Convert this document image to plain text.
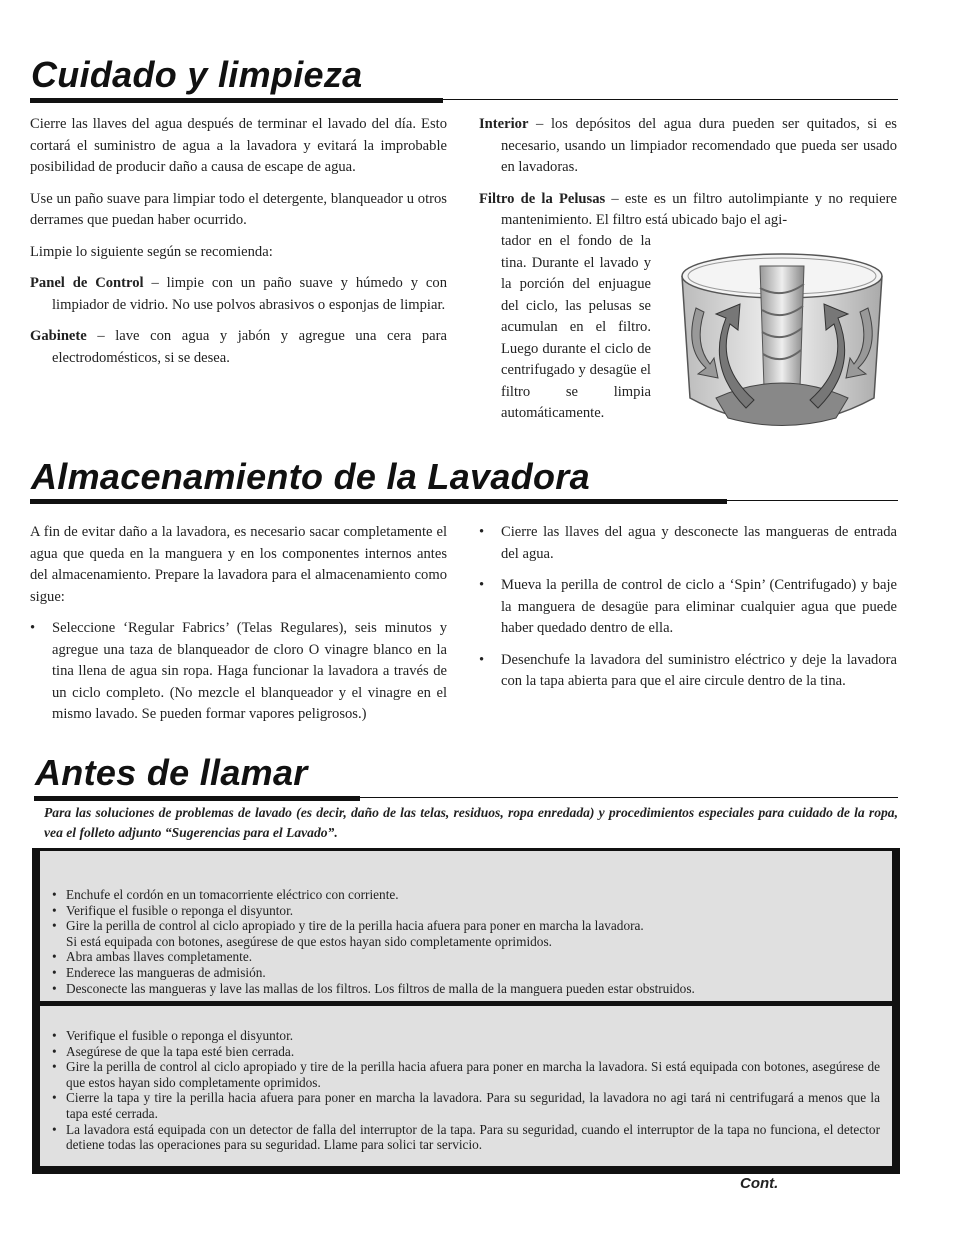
Cuidado y limpieza

Cierre las llaves del agua después de terminar el lavado del día. Esto cortará el suministro de agua a la lavadora y evitará la improbable posibilidad de producir daño a causa de escape de agua.

Use un paño suave para limpiar todo el detergente, blanqueador u otros derrames que puedan haber ocurrido.

Limpie lo siguiente según se recomienda:

Panel de Control – limpie con un paño suave y húmedo y con limpiador de vidrio. No use polvos abrasivos o esponjas de limpiar.

Gabinete – lave con agua y jabón y agregue una cera para electrodomésticos, si se desea.

Interior – los depósitos del agua dura pueden ser quitados, si es necesario, usando un limpiador recomendado que pueda ser usado en lavadoras.

Filtro de la Pelusas – este es un filtro autolimpiante y no requiere mantenimiento. El filtro está ubicado bajo el agi-

tador en el fondo de la tina. Durante el lavado y la porción del enjuague del ciclo, las pelusas se acumulan en el filtro. Luego durante el ciclo de centrifugado y desagüe el filtro se limpia automáticamente.
Almacenamiento de la Lavadora

A fin de evitar daño a la lavadora, es necesario sacar completamente el agua que queda en la manguera y en los componentes internos antes del almacenamiento. Prepare la lavadora para el almacenamiento como sigue:

• Seleccione ‘Regular Fabrics’ (Telas Regulares), seis minutos y agregue una taza de blanqueador de cloro O vinagre blanco en la tina llena de agua sin ropa. Haga funcionar la lavadora a través de un ciclo completo. (No mezcle el blanqueador y el vinagre en el mismo lavado. Se pueden formar vapores peligrosos.)
• Cierre las llaves del agua y desconecte las mangueras de entrada del agua.
• Mueva la perilla de control de ciclo a ‘Spin’ (Centrifugado) y baje la manguera de desagüe para eliminar cualquier agua que puede haber quedado dentro de ella.
• Desenchufe la lavadora del suministro eléctrico y deje la lavadora con la tapa abierta para que el aire circule dentro de la tina.
Antes de llamar
Para las soluciones de problemas de lavado (es decir, daño de las telas, residuos, ropa enredada) y procedimientos especiales para cuidado de la ropa, vea el folleto adjunto “Sugerencias para el Lavado”.
• Enchufe el cordón en un tomacorriente eléctrico con corriente.
• Verifique el fusible o reponga el disyuntor.
• Gire la perilla de control al ciclo apropiado y tire de la perilla hacia afuera para poner en marcha la lavadora.
Si está equipada con botones, asegúrese de que estos hayan sido completamente oprimidos.
• Abra ambas llaves completamente.
• Enderece las mangueras de admisión.
• Desconecte las mangueras y lave las mallas de los filtros. Los filtros de malla de la manguera pueden estar obstruidos.
• Verifique el fusible o reponga el disyuntor.
• Asegúrese de que la tapa esté bien cerrada.
• Gire la perilla de control al ciclo apropiado y tire de la perilla hacia afuera para poner en marcha la lavadora. Si está equipada con botones, asegúrese de que estos hayan sido completamente oprimidos.
• Cierre la tapa y tire la perilla hacia afuera para poner en marcha la lavadora. Para su seguridad, la lavadora no agi tará ni centrifugará a menos que la tapa esté cerrada.
• La lavadora está equipada con un detector de falla del interruptor de la tapa. Para su seguridad, cuando el interruptor de la tapa no funciona, el detector detiene todas las operaciones para su seguridad. Llame para solici tar servicio.
Cont.
